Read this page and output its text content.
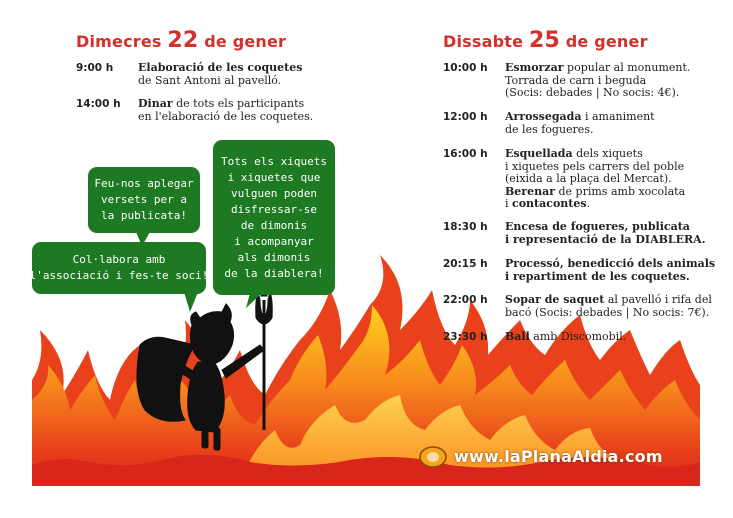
Dimecres 22 de gener
9:00 h Elaboració de les coquetes
de Sant Antoni al pavelló.
14:00 h Dinar de tots els participants
en l'elaboració de les coquetes.
Feu-nos aplegar
versets per a
la publicata!
Col·labora amb
l'associació i fes-te soci!
Tots els xiquets
i xiquetes que
vulguen poden
disfressar-se
de dimonis
i acompanyar
als dimonis
de la diablera!
Dissabte 25 de gener
10:00 h Esmorzar popular al monument.
Torrada de carn i beguda
(Socis: debades | No socis: 4€).
12:00 h Arrossegada i amaniment
de les fogueres.
16:00 h Esquellada dels xiquets
i xiquetes pels carrers del poble
(eixida a la plaça del Mercat).
Berenar de prims amb xocolata
i contacontes.
18:30 h Encesa de fogueres, publicata
i representació de la DIABLERA.
20:15 h Processó, benedicció dels animals
i repartiment de les coquetes.
22:00 h Sopar de saquet al pavelló i rifa del
bacó (Socis: debades | No socis: 7€).
23:30 h Ball amb Discomobil.
www.laPlanaAldia.com
